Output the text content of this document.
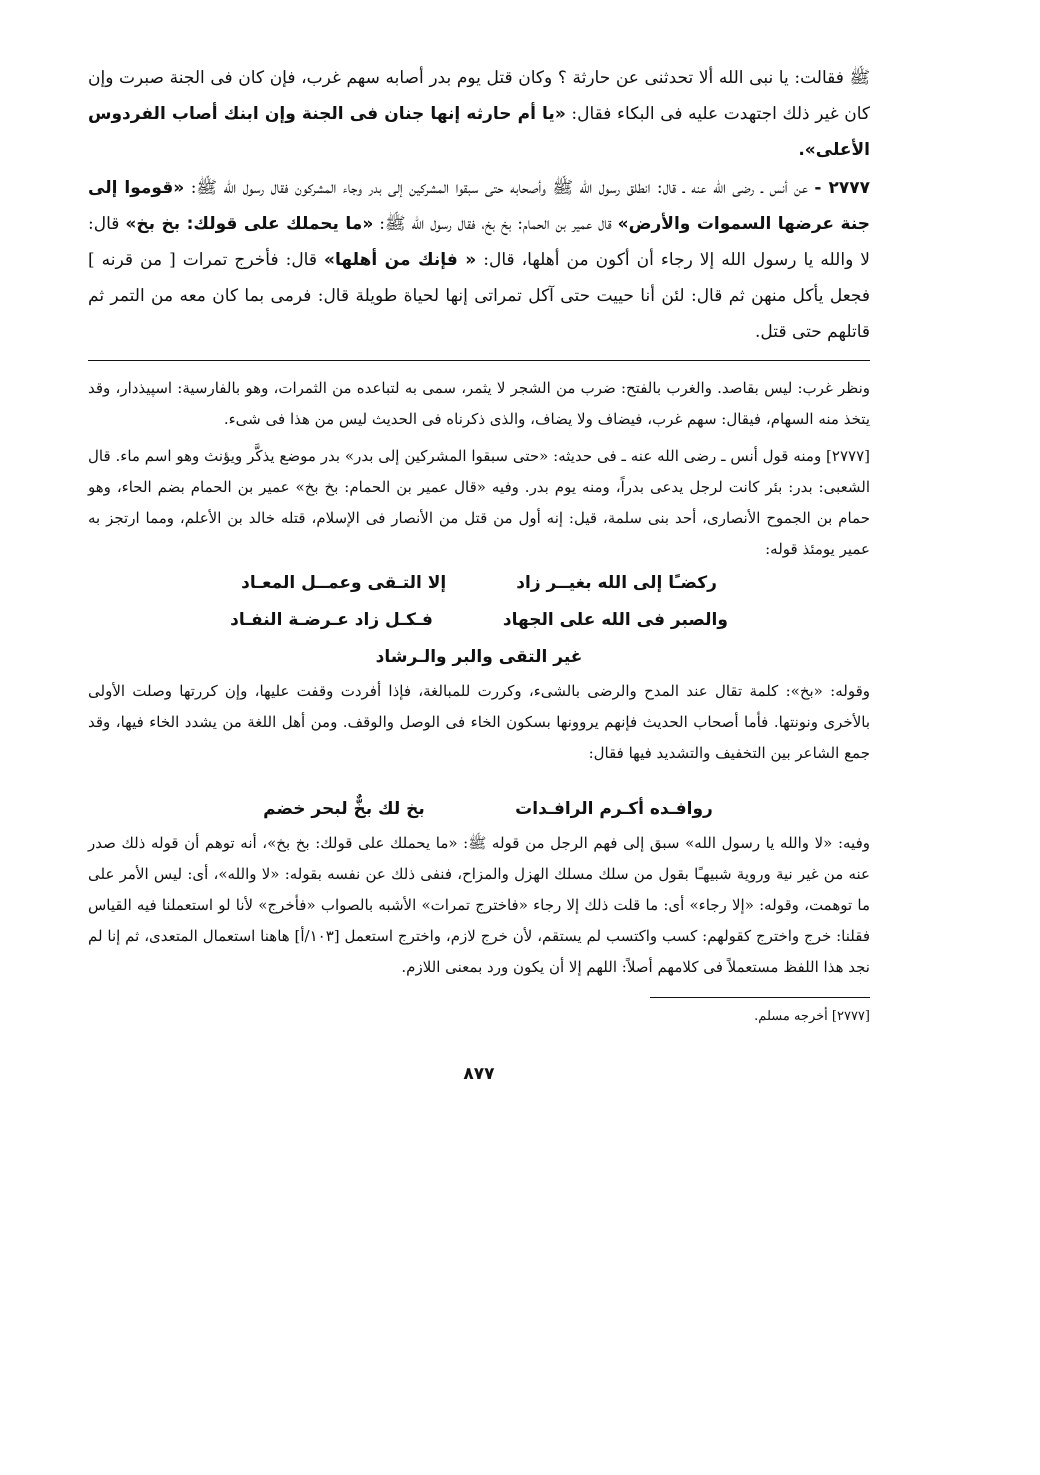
ﷺ فقالت: يا نبى الله ألا تحدثنى عن حارثة ؟ وكان قتل يوم بدر أصابه سهم غرب، فإن كان فى الجنة صبرت وإن كان غير ذلك اجتهدت عليه فى البكاء فقال: «يا أم حارثه إنها جنان فى الجنة وإن ابنك أصاب الفردوس الأعلى».

٢٧٧٧ - عن أنس ـ رضى الله عنه ـ قال: انطلق رسول الله ﷺ وأصحابه حتى سبقوا المشركين إلى بدر وجاء المشركون فقال رسول الله ﷺ: «قوموا إلى جنة عرضها السموات والأرض» قال عمير بن الحمام: بخ بخ، فقال رسول الله ﷺ: «ما يحملك على قولك: بخ بخ» قال: لا والله يا رسول الله إلا رجاء أن أكون من أهلها، قال: « فإنك من أهلها» قال: فأخرج تمرات [ من قرنه ] فجعل يأكل منهن ثم قال: لئن أنا حييت حتى آكل تمراتى إنها لحياة طويلة قال: فرمى بما كان معه من التمر ثم قاتلهم حتى قتل.

ونظر غرب: ليس بقاصد. والغرب بالفتح: ضرب من الشجر لا يثمر، سمى به لتباعده من الثمرات، وهو بالفارسية: اسپيذدار، وقد يتخذ منه السهام، فيقال: سهم غرب، فيضاف ولا يضاف، والذى ذكرناه فى الحديث ليس من هذا فى شىء.

[٢٧٧٧] ومنه قول أنس ـ رضى الله عنه ـ فى حديثه: «حتى سبقوا المشركين إلى بدر» بدر موضع يذكَّر ويؤنث وهو اسم ماء. قال الشعبى: بدر: بئر كانت لرجل يدعى بدراً، ومنه يوم بدر. وفيه «قال عمير بن الحمام: بخ بخ» عمير بن الحمام بضم الحاء، وهو حمام بن الجموح الأنصارى، أحد بنى سلمة، قيل: إنه أول من قتل من الأنصار فى الإسلام، قتله خالد بن الأعلم، ومما ارتجز به عمير يومئذ قوله:

ركضـًا إلى الله بغيــر زاد
إلا التـقى وعمــل المعـاد
والصبر فى الله على الجهاد
فـكـل زاد عـرضـة النفـاد
غير التقى والبر والـرشاد

وقوله: «بخ»: كلمة تقال عند المدح والرضى بالشىء، وكررت للمبالغة، فإذا أفردت وقفت عليها، وإن كررتها وصلت الأولى بالأخرى ونونتها. فأما أصحاب الحديث فإنهم يروونها بسكون الخاء فى الوصل والوقف. ومن أهل اللغة من يشدد الخاء فيها، وقد جمع الشاعر بين التخفيف والتشديد فيها فقال:

روافـده أكـرم الرافـدات
بخ لك بخٌّ لبحر خضم

وفيه: «لا والله يا رسول الله» سبق إلى فهم الرجل من قوله ﷺ: «ما يحملك على قولك: بخ بخ»، أنه توهم أن قوله ذلك صدر عنه من غير نية وروية شبيهـًا بقول من سلك مسلك الهزل والمزاح، فنفى ذلك عن نفسه بقوله: «لا والله»، أى: ليس الأمر على ما توهمت، وقوله: «إلا رجاء» أى: ما قلت ذلك إلا رجاء «فاخترج تمرات» الأشبه بالصواب «فأخرج» لأنا لو استعملنا فيه القياس فقلنا: خرج واخترج كقولهم: كسب واكتسب لم يستقم، لأن خرج لازم، واخترج استعمل [١٠٣/أ] هاهنا استعمال المتعدى، ثم إنا لم نجد هذا اللفظ مستعملاً فى كلامهم أصلاً: اللهم إلا أن يكون ورد بمعنى اللازم.

[٢٧٧٧] أخرجه مسلم.
٨٧٧
